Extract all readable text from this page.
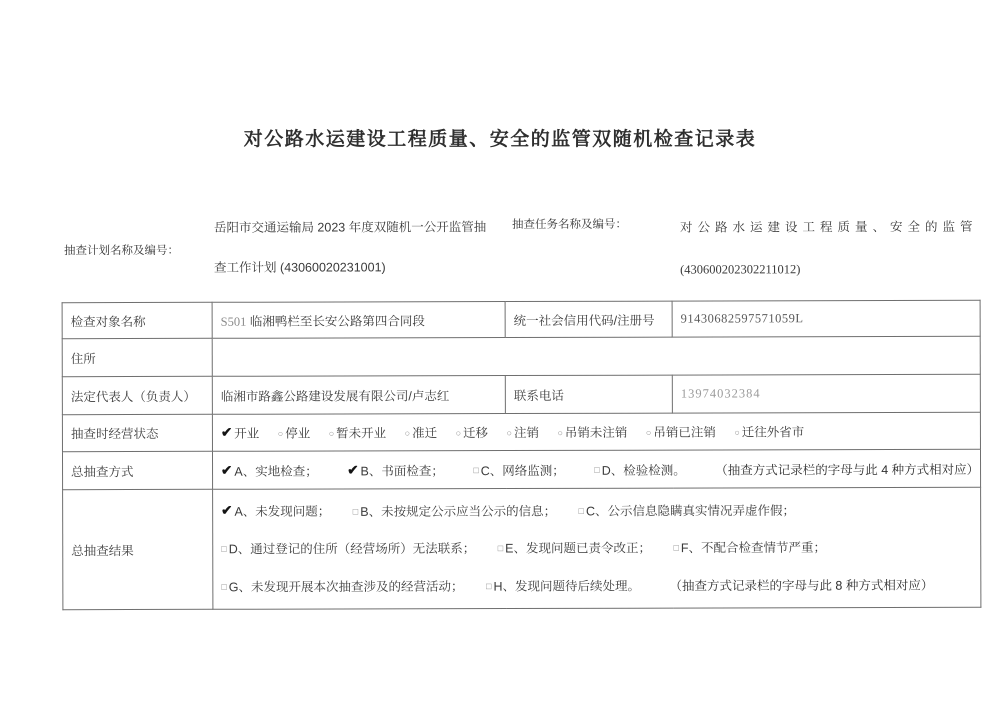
对公路水运建设工程质量、安全的监管双随机检查记录表
抽查计划名称及编号：
岳阳市交通运输局 2023 年度双随机一公开监管抽
查工作计划 (43060020231001)
抽查任务名称及编号：	对公路水运建设工程质量、安全的监管
(430600202302211012)
检查对象名称	S501 临湘鸭栏至长安公路第四合同段	统一社会信用代码/注册号	91430682597571059L
住所			
法定代表人（负责人）	临湘市路鑫公路建设发展有限公司/卢志红	联系电话	13974032384
抽查时经营状态	✔ 开业 ○ 停业 ○ 暂未开业 ○ 准迁 ○ 迁移 ○ 注销 ○ 吊销未注销 ○ 吊销已注销 ○ 迁往外省市		
总抽查方式	✔ A、实地检查； ✔ B、书面检查； □ C、网络监测； □ D、检验检测。 （抽查方式记录栏的字母与此 4 种方式相对应）		
总抽查结果	✔ A、未发现问题； □ B、未按规定公示应当公示的信息； □ C、公示信息隐瞒真实情况弄虚作假；
□ D、通过登记的住所（经营场所）无法联系； □ E、发现问题已责令改正； □ F、不配合检查情节严重；
□ G、未发现开展本次抽查涉及的经营活动； □ H、发现问题待后续处理。 （抽查方式记录栏的字母与此 8 种方式相对应）		
